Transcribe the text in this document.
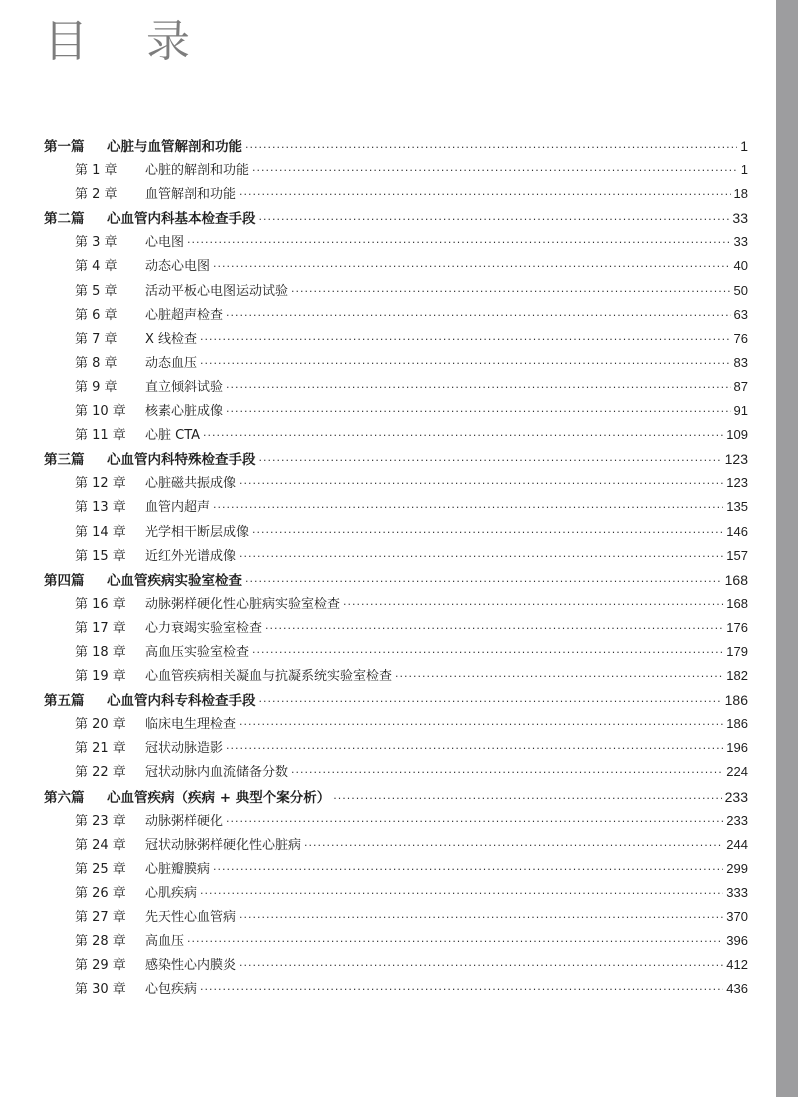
目 录
第一篇	心脏与血管解剖和功能 ·····	1
第 1 章	心脏的解剖和功能 ·····	1
第 2 章	血管解剖和功能 ·····	18
第二篇	心血管内科基本检查手段 ·····	33
第 3 章	心电图 ·····	33
第 4 章	动态心电图 ·····	40
第 5 章	活动平板心电图运动试验 ·····	50
第 6 章	心脏超声检查 ·····	63
第 7 章	X 线检查 ·····	76
第 8 章	动态血压 ·····	83
第 9 章	直立倾斜试验 ·····	87
第 10 章	核素心脏成像 ·····	91
第 11 章	心脏 CTA ·····	109
第三篇	心血管内科特殊检查手段 ·····	123
第 12 章	心脏磁共振成像 ·····	123
第 13 章	血管内超声 ·····	135
第 14 章	光学相干断层成像 ·····	146
第 15 章	近红外光谱成像 ·····	157
第四篇	心血管疾病实验室检查 ·····	168
第 16 章	动脉粥样硬化性心脏病实验室检查 ·····	168
第 17 章	心力衰竭实验室检查 ·····	176
第 18 章	高血压实验室检查 ·····	179
第 19 章	心血管疾病相关凝血与抗凝系统实验室检查 ·····	182
第五篇	心血管内科专科检查手段 ·····	186
第 20 章	临床电生理检查 ·····	186
第 21 章	冠状动脉造影 ·····	196
第 22 章	冠状动脉内血流储备分数 ·····	224
第六篇	心血管疾病（疾病 + 典型个案分析） ·····	233
第 23 章	动脉粥样硬化 ·····	233
第 24 章	冠状动脉粥样硬化性心脏病 ·····	244
第 25 章	心脏瓣膜病 ·····	299
第 26 章	心肌疾病 ·····	333
第 27 章	先天性心血管病 ·····	370
第 28 章	高血压 ·····	396
第 29 章	感染性心内膜炎 ·····	412
第 30 章	心包疾病 ·····	436
